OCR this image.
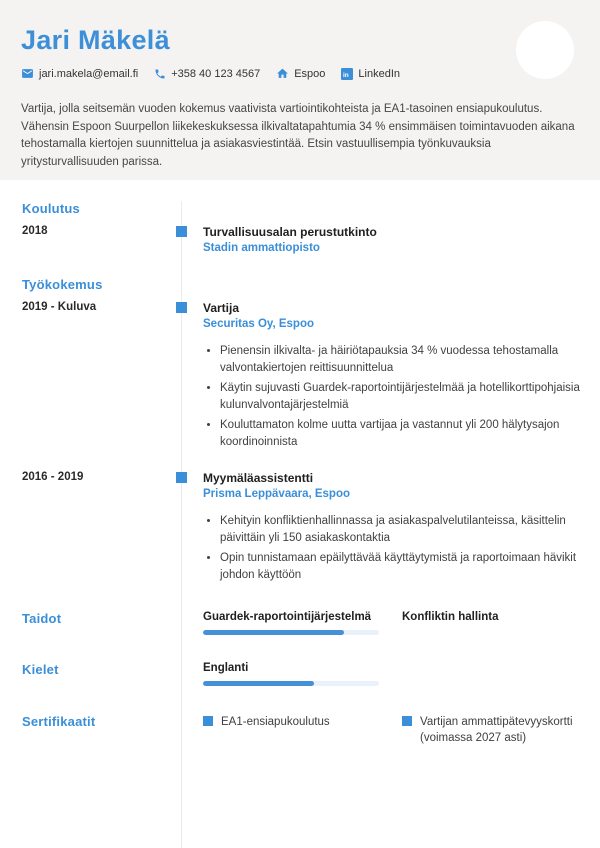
Jari Mäkelä
jari.makela@email.fi	+358 40 123 4567	Espoo in LinkedIn

Vartija, jolla seitsemän vuoden kokemus vaativista vartiointikohteista ja EA1-tasoinen ensiapukoulutus. Vähensin Espoon Suurpellon liikekeskuksessa ilkivaltatapahtumia 34 % ensimmäisen toimintavuoden aikana tehostamalla kiertojen suunnittelua ja asiakasviestintää. Etsin vastuullisempia työnkuvauksia yritysturvallisuuden parissa.

Koulutus
2018	Turvallisuusalan perustutkinto
Stadin ammattiopisto
Työkokemus
2019 - Kuluva	Vartija
Securitas Oy, Espoo
• Pienensin ilkivalta- ja häiriötapauksia 34 % vuodessa tehostamalla valvontakiertojen reittisuunnittelua
• Käytin sujuvasti Guardek-raportointijärjestelmää ja hotellikorttipohjaisia kulunvalvontajärjestelmiä
• Kouluttamaton kolme uutta vartijaa ja vastannut yli 200 hälytysajon koordinoinnista
2016 - 2019	Myymäläassistentti
Prisma Leppävaara, Espoo
• Kehityin konfliktienhallinnassa ja asiakaspalvelutilanteissa, käsittelin päivittäin yli 150 asiakaskontaktia
• Opin tunnistamaan epäilyttävää käyttäytymistä ja raportoimaan hävikit johdon käyttöön
Taidot	Guardek-raportointijärjestelmä	Konfliktin hallinta
Kielet	Englanti
Sertifikaatit	EA1-ensiapukoulutus	Vartijan ammattipätevyyskortti (voimassa 2027 asti)
